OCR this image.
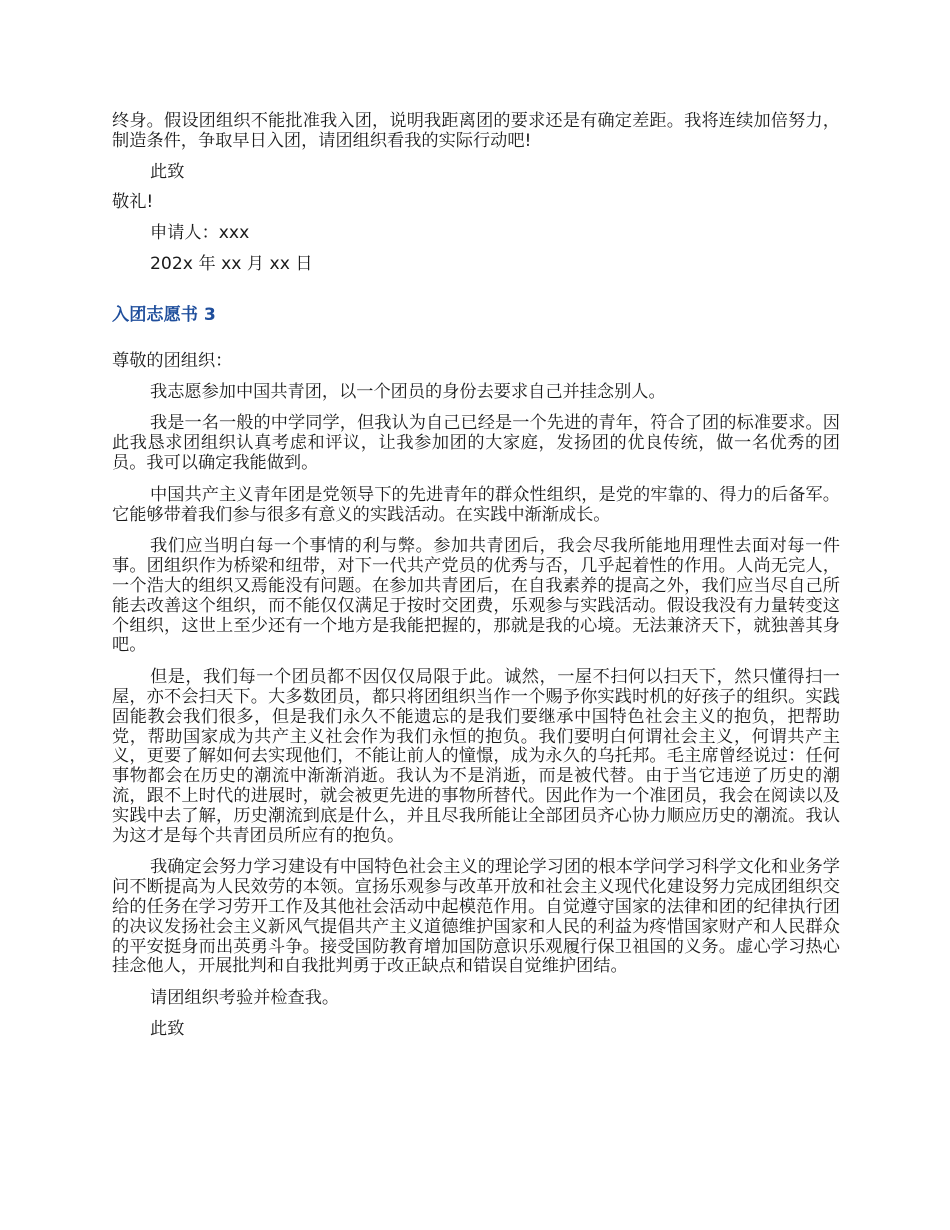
终身。假设团组织不能批准我入团，说明我距离团的要求还是有确定差距。我将连续加倍努力，制造条件，争取早日入团，请团组织看我的实际行动吧!

此致

敬礼!

申请人：xxx

202x 年 xx 月 xx 日

入团志愿书 3

尊敬的团组织：

我志愿参加中国共青团，以一个团员的身份去要求自己并挂念别人。

我是一名一般的中学同学，但我认为自己已经是一个先进的青年，符合了团的标准要求。因此我恳求团组织认真考虑和评议，让我参加团的大家庭，发扬团的优良传统，做一名优秀的团员。我可以确定我能做到。

中国共产主义青年团是党领导下的先进青年的群众性组织，是党的牢靠的、得力的后备军。它能够带着我们参与很多有意义的实践活动。在实践中渐渐成长。

我们应当明白每一个事情的利与弊。参加共青团后，我会尽我所能地用理性去面对每一件事。团组织作为桥梁和纽带，对下一代共产党员的优秀与否，几乎起着性的作用。人尚无完人，一个浩大的组织又焉能没有问题。在参加共青团后，在自我素养的提高之外，我们应当尽自己所能去改善这个组织，而不能仅仅满足于按时交团费，乐观参与实践活动。假设我没有力量转变这个组织，这世上至少还有一个地方是我能把握的，那就是我的心境。无法兼济天下，就独善其身吧。

但是，我们每一个团员都不因仅仅局限于此。诚然，一屋不扫何以扫天下，然只懂得扫一屋，亦不会扫天下。大多数团员，都只将团组织当作一个赐予你实践时机的好孩子的组织。实践固能教会我们很多，但是我们永久不能遗忘的是我们要继承中国特色社会主义的抱负，把帮助党，帮助国家成为共产主义社会作为我们永恒的抱负。我们要明白何谓社会主义，何谓共产主义，更要了解如何去实现他们，不能让前人的憧憬，成为永久的乌托邦。毛主席曾经说过：任何事物都会在历史的潮流中渐渐消逝。我认为不是消逝，而是被代替。由于当它违逆了历史的潮流，跟不上时代的进展时，就会被更先进的事物所替代。因此作为一个准团员，我会在阅读以及实践中去了解，历史潮流到底是什么，并且尽我所能让全部团员齐心协力顺应历史的潮流。我认为这才是每个共青团员所应有的抱负。

我确定会努力学习建设有中国特色社会主义的理论学习团的根本学问学习科学文化和业务学问不断提高为人民效劳的本领。宣扬乐观参与改革开放和社会主义现代化建设努力完成团组织交给的任务在学习劳开工作及其他社会活动中起模范作用。自觉遵守国家的法律和团的纪律执行团的决议发扬社会主义新风气提倡共产主义道德维护国家和人民的利益为疼惜国家财产和人民群众的平安挺身而出英勇斗争。接受国防教育增加国防意识乐观履行保卫祖国的义务。虚心学习热心挂念他人，开展批判和自我批判勇于改正缺点和错误自觉维护团结。

请团组织考验并检查我。

此致
